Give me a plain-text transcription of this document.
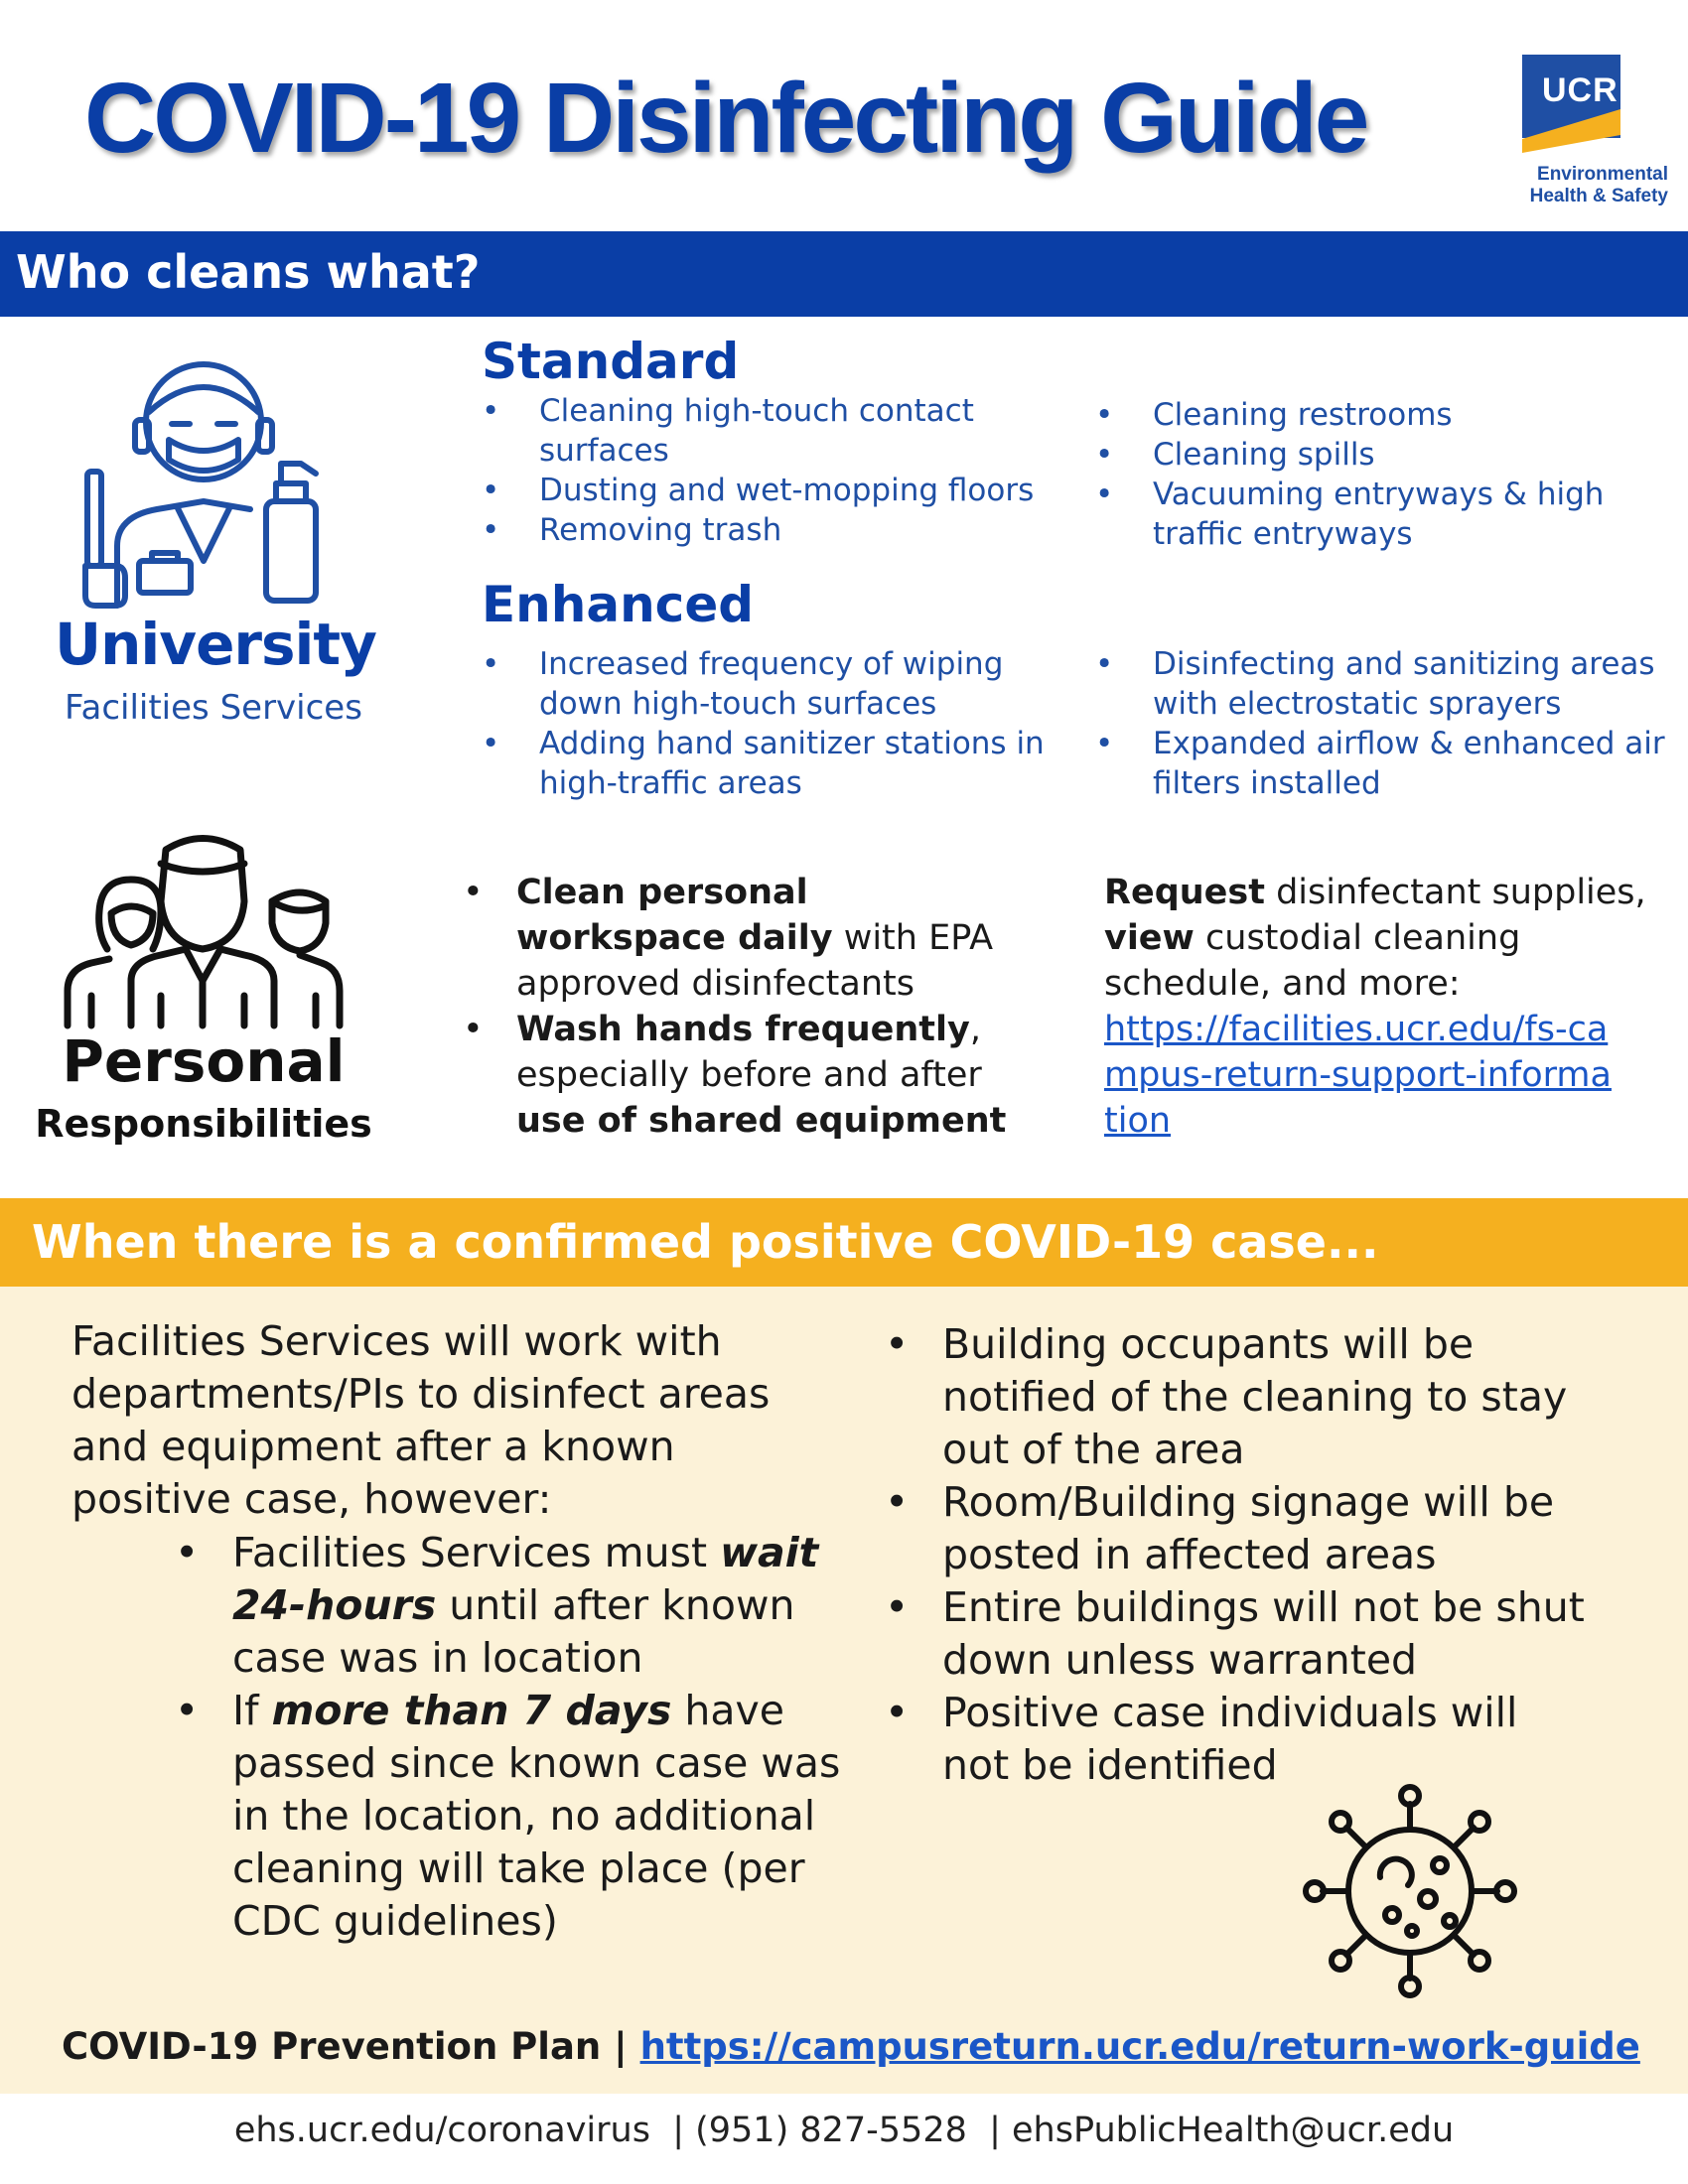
COVID-19 Disinfecting Guide	UCR
Environmental
Health & Safety
Who cleans what?
University
Facilities Services
Standard
• Cleaning high-touch contact surfaces
• Dusting and wet-mopping floors
• Removing trash
• Cleaning restrooms
• Cleaning spills
• Vacuuming entryways & high traffic entryways
Enhanced
• Increased frequency of wiping down high-touch surfaces
• Adding hand sanitizer stations in high-traffic areas
• Disinfecting and sanitizing areas with electrostatic sprayers
• Expanded airflow & enhanced air filters installed
Personal
Responsibilities
• Clean personal workspace daily with EPA approved disinfectants
• Wash hands frequently, especially before and after use of shared equipment
Request disinfectant supplies, view custodial cleaning schedule, and more:
https://facilities.ucr.edu/fs-campus-return-support-information
When there is a confirmed positive COVID-19 case...
Facilities Services will work with departments/PIs to disinfect areas and equipment after a known positive case, however:
• Facilities Services must wait 24-hours until after known case was in location
• If more than 7 days have passed since known case was in the location, no additional cleaning will take place (per CDC guidelines)
• Building occupants will be notified of the cleaning to stay out of the area
• Room/Building signage will be posted in affected areas
• Entire buildings will not be shut down unless warranted
• Positive case individuals will not be identified
COVID-19 Prevention Plan | https://campusreturn.ucr.edu/return-work-guide
ehs.ucr.edu/coronavirus  | (951) 827-5528  | ehsPublicHealth@ucr.edu
